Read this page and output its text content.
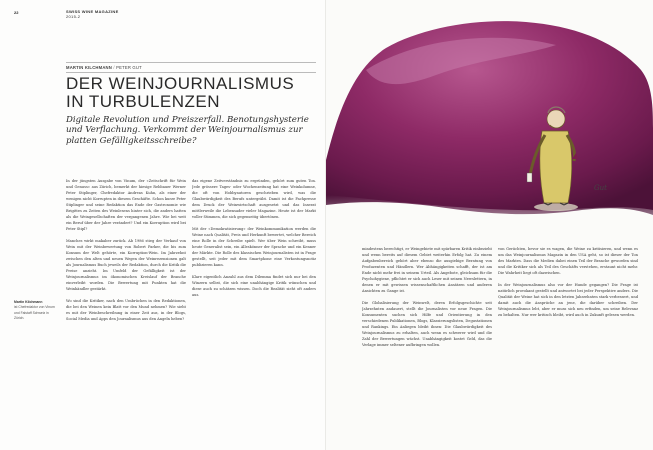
22	SWISS WINE MAGAZINE
2015-2
MARTIN KILCHMANN / PETER GUT
DER WEINJOURNALISMUS
IN TURBULENZEN
Digitale Revolution und Preiszerfall. Benotungshysterie und Verflachung. Verkommt der Weinjournalismus zur platten Gefälligkeitsschreibe?
Martin Kilchmann
ist Chefredaktor von Vinum und Falstaff Schweiz in Zürich.

In der jüngsten Ausgabe von Vinum, der «Zeitschrift für Wein und Genuss» aus Zürich, bemerkt der hiesige Rebbauer Werner Peter Stiplinger, Chefredaktor Andreas Kuhn, als einer der wenigen nicht Korrupten in diesem Geschäfte. Schon kurze Peter Stiplinger und seine Redaktion das Ende der Gastronomie wie Brigittes zu Zeiten des Weinlesens hinter sich, die anders hatten als die Weingesellschaften der vergangenen Jahre. Wie bei weit ein Beruf über der Jahre verändert? Und ein Korruption wird bei Peter Stipl?

Manches wirkt makaber zurück. Ab 1986 stieg der Verkauf von Wein mit der Weinbewertung von Robert Parker, die bis zum Konsum der Welt gehörte, ein Korruption-Wein. Im Jahrzehnt zwischen den alten und neuen Wegen der Weinrezensionen galt als Journalismus Buch jeweils der Redaktion, durch die Kritik die Preise anzieht. Im Umfeld der Gefälligkeit ist der Weinjournalismus im ökonomischen Kreislauf der Branche einverleibt worden. Die Bewertung mit Punkten hat die Weinhändler gestärkt.

Wo sind die Kritiker, nach den Umbrüchen in den Redaktionen, die bei den Weinen kein Blatt vor den Mund nehmen? Wie sieht es mit der Weinbeschreibung in einer Zeit aus, in der Blogs, Social Media und Apps den Journalismus aus den Angeln heben?

das eigene Zeitverständnis zu ergründen, gehört zum guten Ton. Jede grössere Tages- oder Wochenzeitung hat eine Weinkolumne, die oft von Hobbyautoren geschrieben wird, was die Glaubwürdigkeit des Berufs untergräbt. Damit ist die Fachpresse dem Druck der Weinwirtschaft ausgesetzt und das Inserat mittlerweile die Lebensader vieler Magazine. Heute ist der Markt voller Stimmen, die sich gegenseitig übertönen.

Mit der «Demokratisierung» der Weinkommunikation werden die Weine nach Qualität, Preis und Herkunft bewertet, welcher Bereich eine Rolle in der Schreibe spielt. Wer über Wein schreibt, muss heute Generalist sein, ein Alleskönner der Sprache und ein Kenner der Märkte. Die Rolle des klassischen Weinjournalisten ist in Frage gestellt, seit jeder mit dem Smartphone eine Verkostungsnotiz publizieren kann.

Klare eigentlich Anzahl aus dem Dilemma findet sich nur bei den Winzern selbst, die sich eine unabhängige Kritik wünschen und diese auch zu schätzen wissen. Doch die Realität sieht oft anders aus.

Gut

mindestens berechtigt, er Weingebiete mit spürbaren Kritik einbezieht und wenn bereits auf diesem Gebiet weiterhin Erfolg hat. Zu einem Aufgabenbereich gehört aber ebenso die ausgiebige Beratung von Produzenten und Händlern. Wer Abhängigkeiten schafft, der ist am Ende nicht mehr frei in seinem Urteil. Als Angebote, gleichsam für die Psychohygiene, pflichtet er sich auch Leser mit seinen Newslettern, in denen er mit gewissen wissenschaftlichen Ansätzen und anderen Ansichten zu Gange ist.

Die Globalisierung der Weinwelt, deren Erfolgsgeschichte seit Jahrzehnten andauert, stellt die Journalisten vor neue Fragen. Die Konsumenten suchen sich Hilfe und Orientierung in den verschiedenen Publikationen, Blogs, Klassierungslisten, Degustationen und Rankings. Ein Anliegen bleibt ihnen: Die Glaubwürdigkeit des Weinjournalismus zu erhalten, auch wenn es schwerer wird und die Zahl der Bewertungen wächst. Unabhängigkeit kostet Geld, das die Verlage immer seltener aufbringen wollen.

von Gerüchten, bevor sie es wagen, die Weine zu kritisieren, und wenn es um das Weinjournalismus Magazin in den USA geht, so ist dieser der Ton des Marktes. Dass die Medien dabei einen Teil der Branche geworden sind und die Kritiker sich als Teil des Geschäfts verstehen, erstaunt nicht mehr. Die Wahrheit liegt oft dazwischen.

In der Weinjournalismus also vor der Hunde gegangen? Die Frage ist natürlich provokant gestellt und antwortet bei jeder Perspektive anders. Die Qualität der Weine hat sich in den letzten Jahrzehnten stark verbessert, und damit auch die Ansprüche an jene, die darüber schreiben. Der Weinjournalismus lebt, aber er muss sich neu erfinden, um seine Relevanz zu behalten. Nur wer kritisch bleibt, wird auch in Zukunft gelesen werden.
